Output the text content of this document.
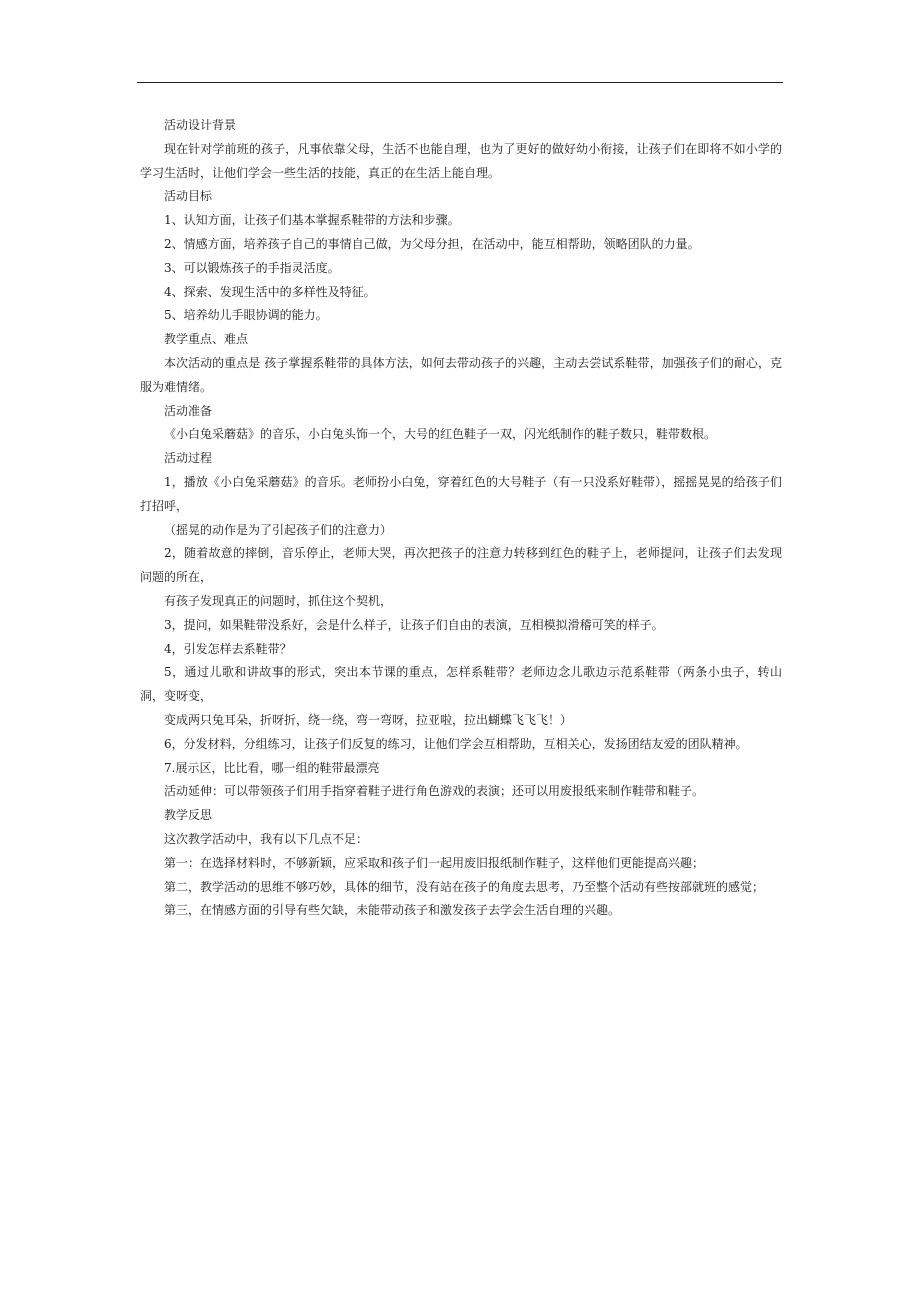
活动设计背景

现在针对学前班的孩子，凡事依靠父母，生活不也能自理，也为了更好的做好幼小衔接，让孩子们在即将不如小学的学习生活时，让他们学会一些生活的技能，真正的在生活上能自理。

活动目标

1、认知方面，让孩子们基本掌握系鞋带的方法和步骤。

2、情感方面，培养孩子自己的事情自己做，为父母分担，在活动中，能互相帮助，领略团队的力量。

3、可以锻炼孩子的手指灵活度。

4、探索、发现生活中的多样性及特征。

5、培养幼儿手眼协调的能力。

教学重点、难点

本次活动的重点是 孩子掌握系鞋带的具体方法，如何去带动孩子的兴趣，主动去尝试系鞋带，加强孩子们的耐心，克服为难情绪。

活动准备

《小白兔采蘑菇》的音乐，小白兔头饰一个，大号的红色鞋子一双，闪光纸制作的鞋子数只，鞋带数根。

活动过程

1，播放《小白兔采蘑菇》的音乐。老师扮小白兔，穿着红色的大号鞋子（有一只没系好鞋带），摇摇晃晃的给孩子们打招呼，

（摇晃的动作是为了引起孩子们的注意力）

2，随着故意的摔倒，音乐停止，老师大哭，再次把孩子的注意力转移到红色的鞋子上，老师提问，让孩子们去发现问题的所在，

有孩子发现真正的问题时，抓住这个契机，

3，提问，如果鞋带没系好，会是什么样子，让孩子们自由的表演，互相模拟滑稽可笑的样子。

4，引发怎样去系鞋带？

5，通过儿歌和讲故事的形式，突出本节课的重点，怎样系鞋带？老师边念儿歌边示范系鞋带（两条小虫子，转山洞，变呀变，

变成两只兔耳朵，折呀折，绕一绕，弯一弯呀，拉亚啦，拉出蝴蝶飞飞飞！）

6，分发材料，分组练习，让孩子们反复的练习，让他们学会互相帮助，互相关心，发扬团结友爱的团队精神。

7.展示区，比比看，哪一组的鞋带最漂亮

活动延伸：可以带领孩子们用手指穿着鞋子进行角色游戏的表演；还可以用废报纸来制作鞋带和鞋子。

教学反思

这次教学活动中，我有以下几点不足：

第一：在选择材料时，不够新颖，应采取和孩子们一起用废旧报纸制作鞋子，这样他们更能提高兴趣；

第二，教学活动的思维不够巧妙，具体的细节，没有站在孩子的角度去思考，乃至整个活动有些按部就班的感觉；

第三，在情感方面的引导有些欠缺，未能带动孩子和激发孩子去学会生活自理的兴趣。
